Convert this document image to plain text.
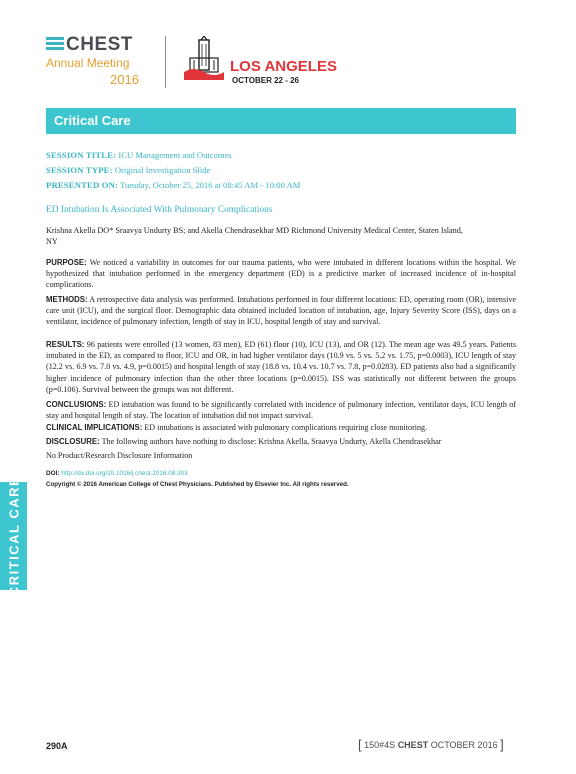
CHEST
Annual Meeting
2016
LOS ANGELES
OCTOBER 22 - 26
Critical Care
SESSION TITLE: ICU Management and Outcomes
SESSION TYPE: Original Investigation Slide
PRESENTED ON: Tuesday, October 25, 2016 at 08:45 AM - 10:00 AM
ED Intubation Is Associated With Pulmonary Complications
Krishna Akella DO* Sraavya Undurty BS; and Akella Chendrasekhar MD Richmond University Medical Center, Staten Island, NY
PURPOSE: We noticed a variability in outcomes for our trauma patients, who were intubated in different locations within the hospital. We hypothesized that intubation performed in the emergency department (ED) is a predictive marker of increased incidence of in-hospital complications.
METHODS: A retrospective data analysis was performed. Intubations performed in four different locations: ED, operating room (OR), intensive care unit (ICU), and the surgical floor. Demographic data obtained included location of intubation, age, Injury Severity Score (ISS), days on a ventilator, incidence of pulmonary infection, length of stay in ICU, hospital length of stay and survival.
RESULTS: 96 patients were enrolled (13 women, 83 men), ED (61) floor (10), ICU (13), and OR (12). The mean age was 49.5 years. Patients intubated in the ED, as compared to floor, ICU and OR, in had higher ventilator days (10.9 vs. 5 vs. 5.2 vs. 1.75, p=0.0003), ICU length of stay (12.2 vs. 6.9 vs. 7.0 vs. 4.9, p=0.0015) and hospital length of stay (18.8 vs. 10.4 vs. 10.7 vs. 7.8, p=0.0283). ED patients also had a significantly higher incidence of pulmonary infection than the other three locations (p=0.0015). ISS was statistically not different between the groups (p=0.106). Survival between the groups was not different.
CONCLUSIONS: ED intubation was found to be significantly correlated with incidence of pulmonary infection, ventilator days, ICU length of stay and hospital length of stay. The location of intubation did not impact survival.
CLINICAL IMPLICATIONS: ED intubations is associated with pulmonary complications requiring close monitoring.
DISCLOSURE: The following authors have nothing to disclose: Krishna Akella, Sraavya Undurty, Akella Chendrasekhar
No Product/Research Disclosure Information
DOI: http://dx.doi.org/10.1016/j.chest.2016.08.303
Copyright © 2016 American College of Chest Physicians. Published by Elsevier Inc. All rights reserved.
CRITICAL CARE
290A	[ 150#4S CHEST OCTOBER 2016 ]
